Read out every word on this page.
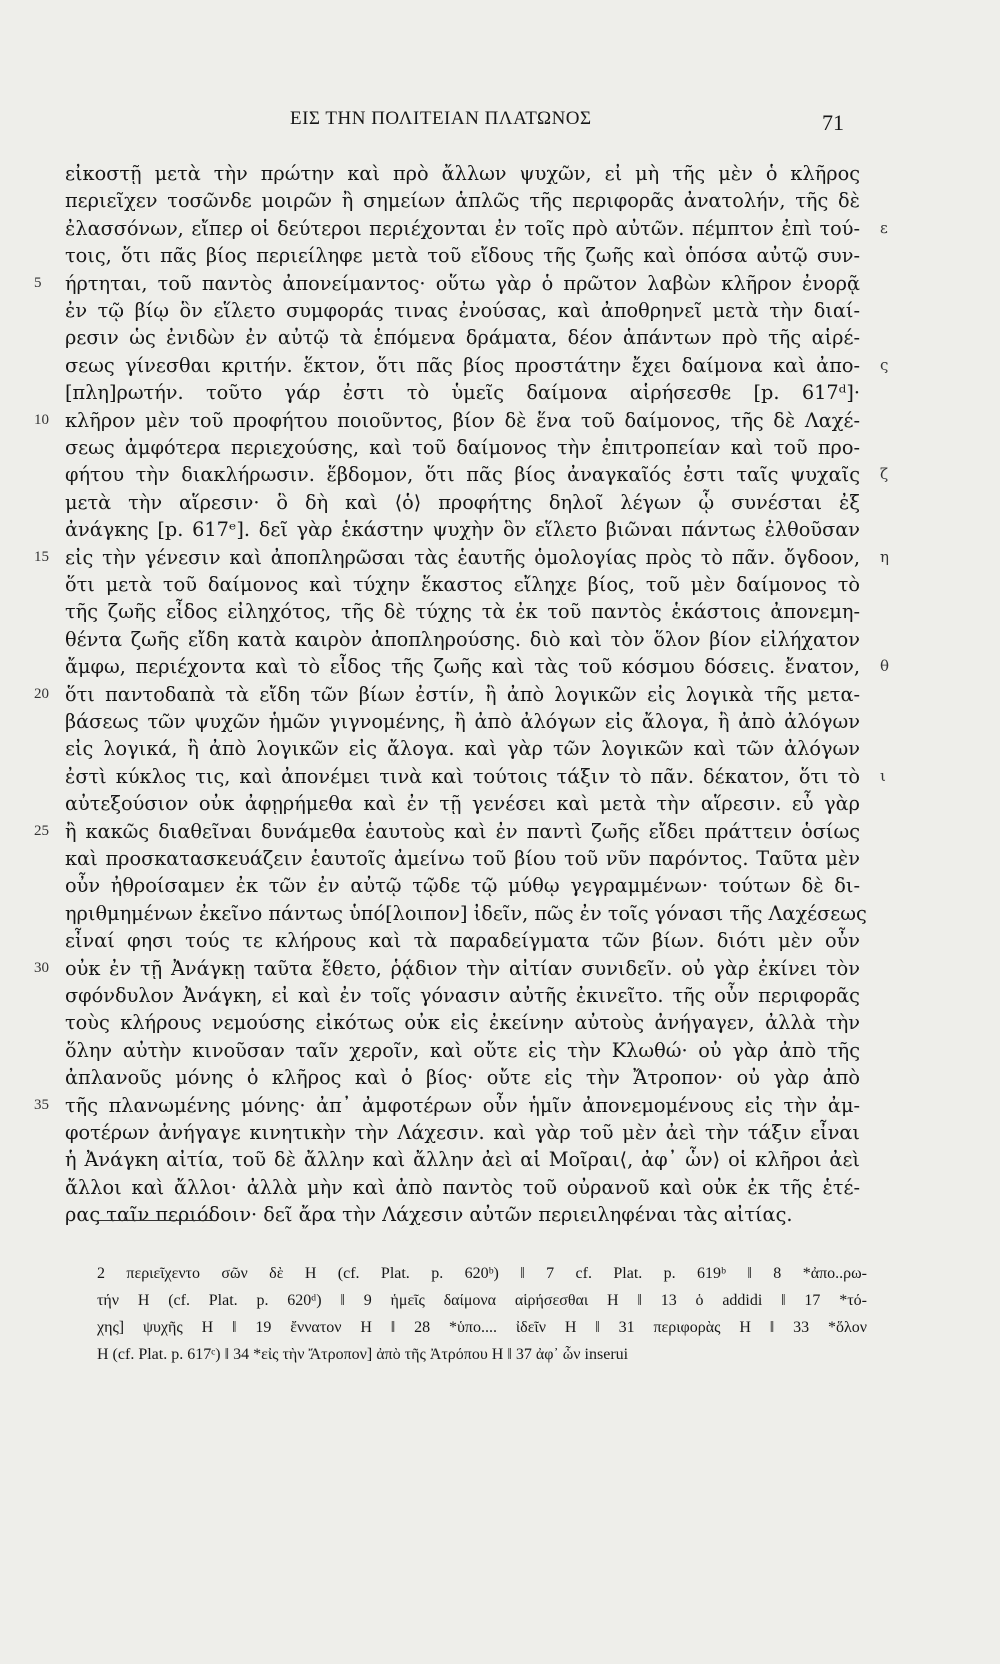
ΕΙΣ ΤΗΝ ΠΟΛΙΤΕΙΑΝ ΠΛΑΤΩΝΟΣ	71
εἰκοστῇ μετὰ τὴν πρώτην καὶ πρὸ ἄλλων ψυχῶν, εἰ μὴ τῆς μὲν ὁ κλῆρος
περιεῖχεν τοσῶνδε μοιρῶν ἢ σημείων ἁπλῶς τῆς περιφορᾶς ἀνατολήν, τῆς δὲ
ἐλασσόνων, εἴπερ οἱ δεύτεροι περιέχονται ἐν τοῖς πρὸ αὐτῶν. πέμπτον ἐπὶ τού- ε
τοις, ὅτι πᾶς βίος περιείληφε μετὰ τοῦ εἴδους τῆς ζωῆς καὶ ὁπόσα αὐτῷ συν-
ήρτηται, τοῦ παντὸς ἀπονείμαντος· οὕτω γὰρ ὁ πρῶτον λαβὼν κλῆρον ἐνορᾷ
5
ἐν τῷ βίῳ ὃν εἵλετο συμφοράς τινας ἐνούσας, καὶ ἀποθρηνεῖ μετὰ τὴν διαί-
ρεσιν ὡς ἐνιδὼν ἐν αὐτῷ τὰ ἑπόμενα δράματα, δέον ἁπάντων πρὸ τῆς αἱρέ-
σεως γίνεσθαι κριτήν. ἕκτον, ὅτι πᾶς βίος προστάτην ἔχει δαίμονα καὶ ἀπο- ς
[πλη]ρωτήν. τοῦτο γάρ ἐστι τὸ ὑμεῖς δαίμονα αἱρήσεσθε [p. 617ᵈ]·
κλῆρον μὲν τοῦ προφήτου ποιοῦντος, βίον δὲ ἕνα τοῦ δαίμονος, τῆς δὲ Λαχέ-
10
σεως ἀμφότερα περιεχούσης, καὶ τοῦ δαίμονος τὴν ἐπιτροπείαν καὶ τοῦ προ-
φήτου τὴν διακλήρωσιν. ἕβδομον, ὅτι πᾶς βίος ἀναγκαῖός ἐστι ταῖς ψυχαῖς ζ
μετὰ τὴν αἵρεσιν· ὃ δὴ καὶ ⟨ὁ⟩ προφήτης δηλοῖ λέγων ᾧ συνέσται ἐξ
ἀνάγκης [p. 617ᵉ]. δεῖ γὰρ ἑκάστην ψυχὴν ὃν εἵλετο βιῶναι πάντως ἐλθοῦσαν
εἰς τὴν γένεσιν καὶ ἀποπληρῶσαι τὰς ἑαυτῆς ὁμολογίας πρὸς τὸ πᾶν. ὄγδοον,
15	η
ὅτι μετὰ τοῦ δαίμονος καὶ τύχην ἕκαστος εἴληχε βίος, τοῦ μὲν δαίμονος τὸ
τῆς ζωῆς εἶδος εἰληχότος, τῆς δὲ τύχης τὰ ἐκ τοῦ παντὸς ἑκάστοις ἀπονεμη-
θέντα ζωῆς εἴδη κατὰ καιρὸν ἀποπληρούσης. διὸ καὶ τὸν ὅλον βίον εἰλήχατον
ἄμφω, περιέχοντα καὶ τὸ εἶδος τῆς ζωῆς καὶ τὰς τοῦ κόσμου δόσεις. ἔνατον, θ
ὅτι παντοδαπὰ τὰ εἴδη τῶν βίων ἐστίν, ἢ ἀπὸ λογικῶν εἰς λογικὰ τῆς μετα-
20
βάσεως τῶν ψυχῶν ἡμῶν γιγνομένης, ἢ ἀπὸ ἀλόγων εἰς ἄλογα, ἢ ἀπὸ ἀλόγων
εἰς λογικά, ἢ ἀπὸ λογικῶν εἰς ἄλογα. καὶ γὰρ τῶν λογικῶν καὶ τῶν ἀλόγων
ἐστὶ κύκλος τις, καὶ ἀπονέμει τινὰ καὶ τούτοις τάξιν τὸ πᾶν. δέκατον, ὅτι τὸ ι
αὐτεξούσιον οὐκ ἀφῃρήμεθα καὶ ἐν τῇ γενέσει καὶ μετὰ τὴν αἵρεσιν. εὖ γὰρ
ἢ κακῶς διαθεῖναι δυνάμεθα ἑαυτοὺς καὶ ἐν παντὶ ζωῆς εἴδει πράττειν ὁσίως
25
καὶ προσκατασκευάζειν ἑαυτοῖς ἀμείνω τοῦ βίου τοῦ νῦν παρόντος. Ταῦτα μὲν
οὖν ἠθροίσαμεν ἐκ τῶν ἐν αὐτῷ τῷδε τῷ μύθῳ γεγραμμένων· τούτων δὲ δι-
ηριθμημένων ἐκεῖνο πάντως ὑπό[λοιπον] ἰδεῖν, πῶς ἐν τοῖς γόνασι τῆς Λαχέσεως
εἶναί φησι τούς τε κλήρους καὶ τὰ παραδείγματα τῶν βίων. διότι μὲν οὖν
οὐκ ἐν τῇ Ἀνάγκῃ ταῦτα ἔθετο, ῥᾴδιον τὴν αἰτίαν συνιδεῖν. οὐ γὰρ ἐκίνει τὸν
30
σφόνδυλον Ἀνάγκη, εἰ καὶ ἐν τοῖς γόνασιν αὐτῆς ἐκινεῖτο. τῆς οὖν περιφορᾶς
τοὺς κλήρους νεμούσης εἰκότως οὐκ εἰς ἐκείνην αὐτοὺς ἀνήγαγεν, ἀλλὰ τὴν
ὅλην αὐτὴν κινοῦσαν ταῖν χεροῖν, καὶ οὔτε εἰς τὴν Κλωθώ· οὐ γὰρ ἀπὸ τῆς
ἀπλανοῦς μόνης ὁ κλῆρος καὶ ὁ βίος· οὔτε εἰς τὴν Ἄτροπον· οὐ γὰρ ἀπὸ
τῆς πλανωμένης μόνης· ἀπ᾽ ἀμφοτέρων οὖν ἡμῖν ἀπονεμομένους εἰς τὴν ἀμ-
35
φοτέρων ἀνήγαγε κινητικὴν τὴν Λάχεσιν. καὶ γὰρ τοῦ μὲν ἀεὶ τὴν τάξιν εἶναι
ἡ Ἀνάγκη αἰτία, τοῦ δὲ ἄλλην καὶ ἄλλην ἀεὶ αἱ Μοῖραι⟨, ἀφ᾽ ὧν⟩ οἱ κλῆροι ἀεὶ
ἄλλοι καὶ ἄλλοι· ἀλλὰ μὴν καὶ ἀπὸ παντὸς τοῦ οὐρανοῦ καὶ οὐκ ἐκ τῆς ἑτέ-
ρας ταῖν περιόδοιν· δεῖ ἄρα τὴν Λάχεσιν αὐτῶν περιειληφέναι τὰς αἰτίας.
2 περιεῖχεντο σῶν δὲ H (cf. Plat. p. 620ᵇ) ‖ 7 cf. Plat. p. 619ᵇ ‖ 8 *ἀπο..ρω-
τήν H (cf. Plat. p. 620ᵈ) ‖ 9 ἡμεῖς δαίμονα αἱρήσεσθαι H ‖ 13 ὁ addidi ‖ 17 *τό-
χης] ψυχῆς H ‖ 19 ἔννατον H ‖ 28 *ὑπο.... ἰδεῖν H ‖ 31 περιφορὰς H ‖ 33 *ὅλον
H (cf. Plat. p. 617ᶜ) ‖ 34 *εἰς τὴν Ἄτροπον] ἀπὸ τῆς Ἀτρόπου H ‖ 37 ἀφ᾽ ὧν inserui
